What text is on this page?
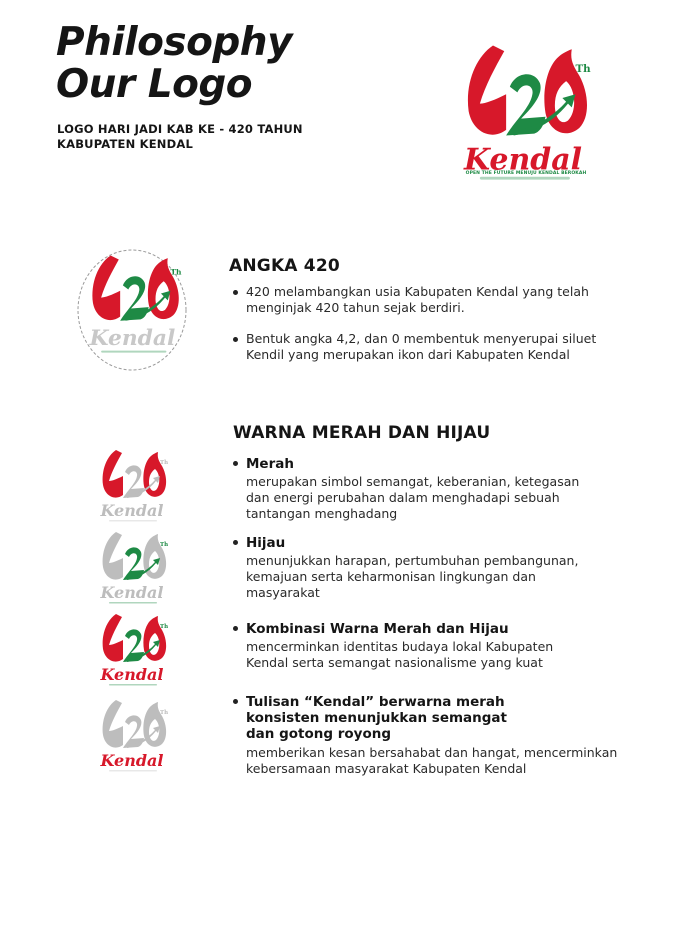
Philosophy
Our Logo
LOGO HARI JADI KAB KE - 420 TAHUN
KABUPATEN KENDAL
OPEN THE FUTURE MENUJU KENDAL BEROKAH
ANGKA 420
420 melambangkan usia Kabupaten Kendal yang telah
menginjak 420 tahun sejak berdiri.
Bentuk angka 4,2, dan 0 membentuk menyerupai siluet
Kendil yang merupakan ikon dari Kabupaten Kendal
WARNA MERAH DAN HIJAU
Merah
merupakan simbol semangat, keberanian, ketegasan
dan energi perubahan dalam menghadapi sebuah
tantangan menghadang
Hijau
menunjukkan harapan, pertumbuhan pembangunan,
kemajuan serta keharmonisan lingkungan dan
masyarakat
Kombinasi Warna Merah dan Hijau
mencerminkan identitas budaya lokal Kabupaten
Kendal serta semangat nasionalisme yang kuat
Tulisan “Kendal” berwarna merah
konsisten menunjukkan semangat
dan gotong royong
memberikan kesan bersahabat dan hangat, mencerminkan
kebersamaan masyarakat Kabupaten Kendal
